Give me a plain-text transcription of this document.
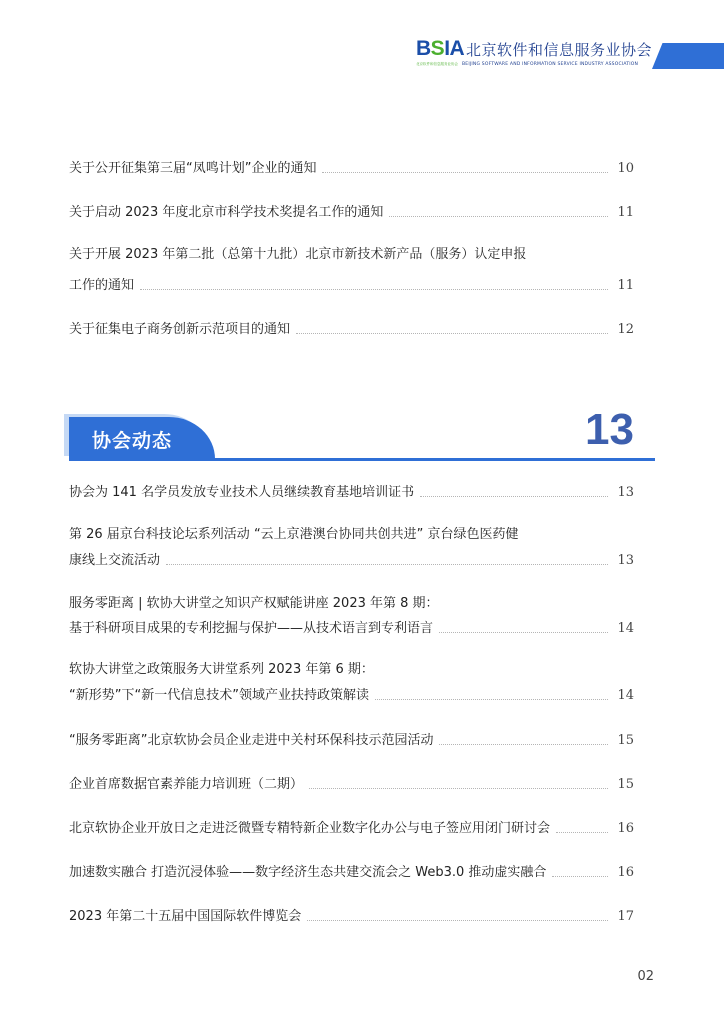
BSIA 北京软件和信息服务业协会
北京软件和信息服务业协会 BEIJING SOFTWARE AND INFORMATION SERVICE INDUSTRY ASSOCIATION
关于公开征集第三届“凤鸣计划”企业的通知	10
关于启动 2023 年度北京市科学技术奖提名工作的通知	11
关于开展 2023 年第二批（总第十九批）北京市新技术新产品（服务）认定申报
工作的通知	11
关于征集电子商务创新示范项目的通知	12
协会动态	13
协会为 141 名学员发放专业技术人员继续教育基地培训证书	13
第 26 届京台科技论坛系列活动 “云上京港澳台协同共创共进” 京台绿色医药健
康线上交流活动	13
服务零距离 | 软协大讲堂之知识产权赋能讲座 2023 年第 8 期：
基于科研项目成果的专利挖掘与保护——从技术语言到专利语言	14
软协大讲堂之政策服务大讲堂系列 2023 年第 6 期：
“新形势”下“新一代信息技术”领域产业扶持政策解读	14
“服务零距离”北京软协会员企业走进中关村环保科技示范园活动	15
企业首席数据官素养能力培训班（二期）	15
北京软协企业开放日之走进泛微暨专精特新企业数字化办公与电子签应用闭门研讨会	16
加速数实融合 打造沉浸体验——数字经济生态共建交流会之 Web3.0 推动虚实融合	16
2023 年第二十五届中国国际软件博览会	17
02
